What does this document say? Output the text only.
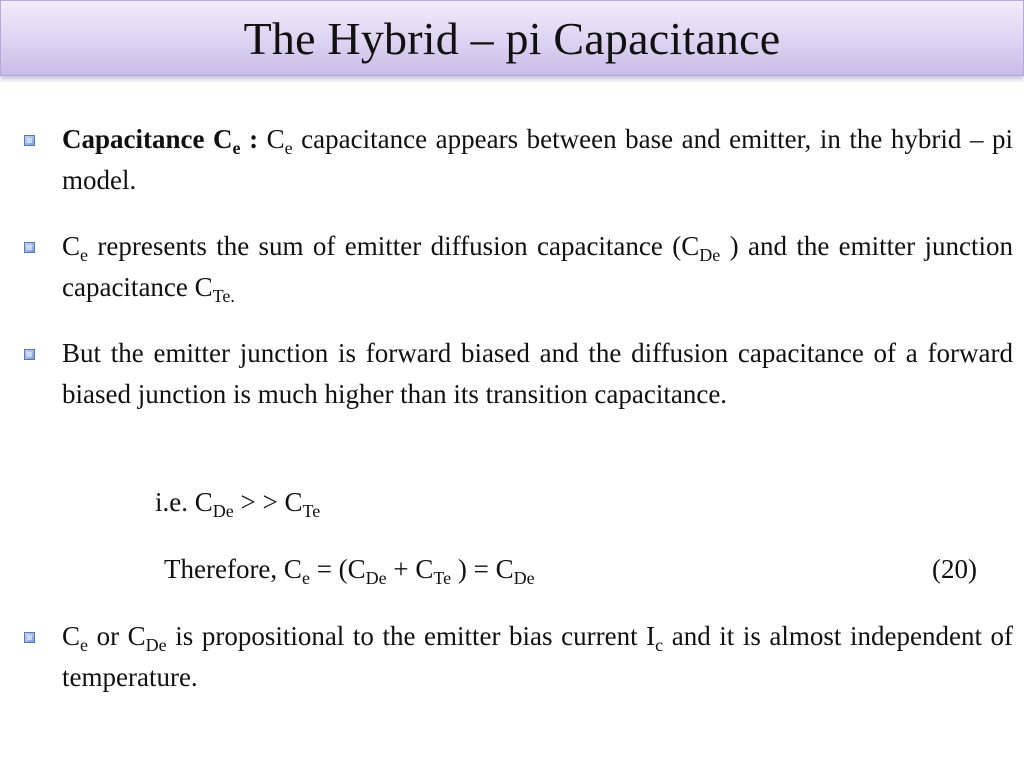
The Hybrid – pi Capacitance
Capacitance $C_e$ : $C_e$ capacitance appears between base and emitter, in the hybrid – pi model.
$C_e$ represents the sum of emitter diffusion capacitance ($C_{De}$ ) and the emitter junction capacitance $C_{Te.}$
But the emitter junction is forward biased and the diffusion capacitance of a forward biased junction is much higher than its transition capacitance.
i.e. $C_{De}$ > > $C_{Te}$
Therefore, $C_e = (C_{De} + C_{Te}$ ) = $C_{De}$	(20)
$C_e$ or $C_{De}$ is propositional to the emitter bias current $I_c$ and it is almost independent of temperature.
